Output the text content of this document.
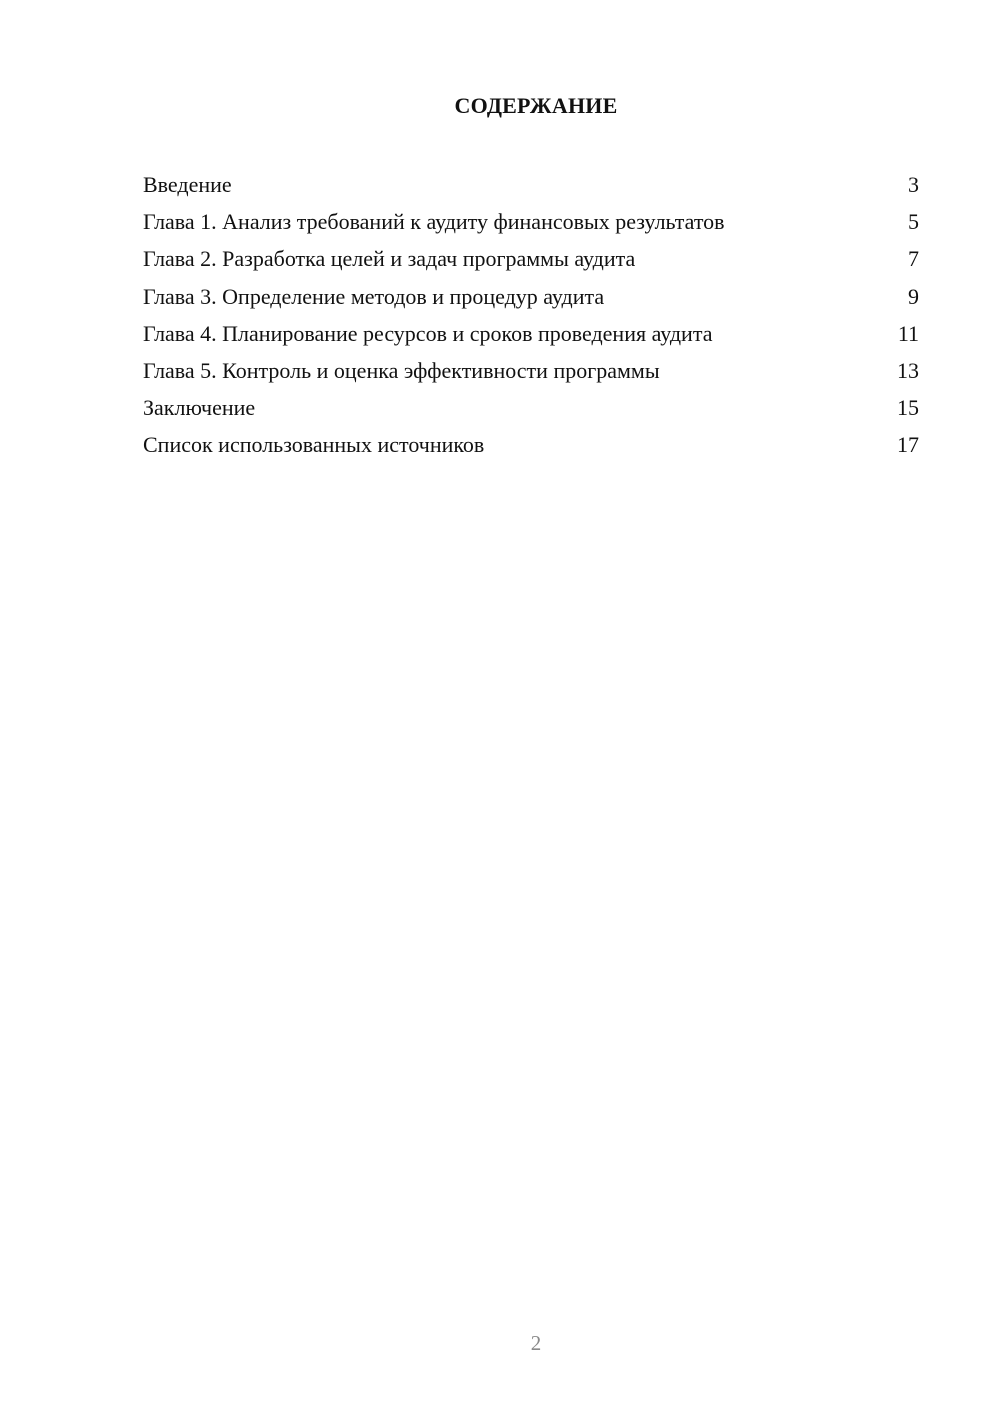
СОДЕРЖАНИЕ
Введение	3
Глава 1. Анализ требований к аудиту финансовых результатов	5
Глава 2. Разработка целей и задач программы аудита	7
Глава 3. Определение методов и процедур аудита	9
Глава 4. Планирование ресурсов и сроков проведения аудита	11
Глава 5. Контроль и оценка эффективности программы	13
Заключение	15
Список использованных источников	17
2
